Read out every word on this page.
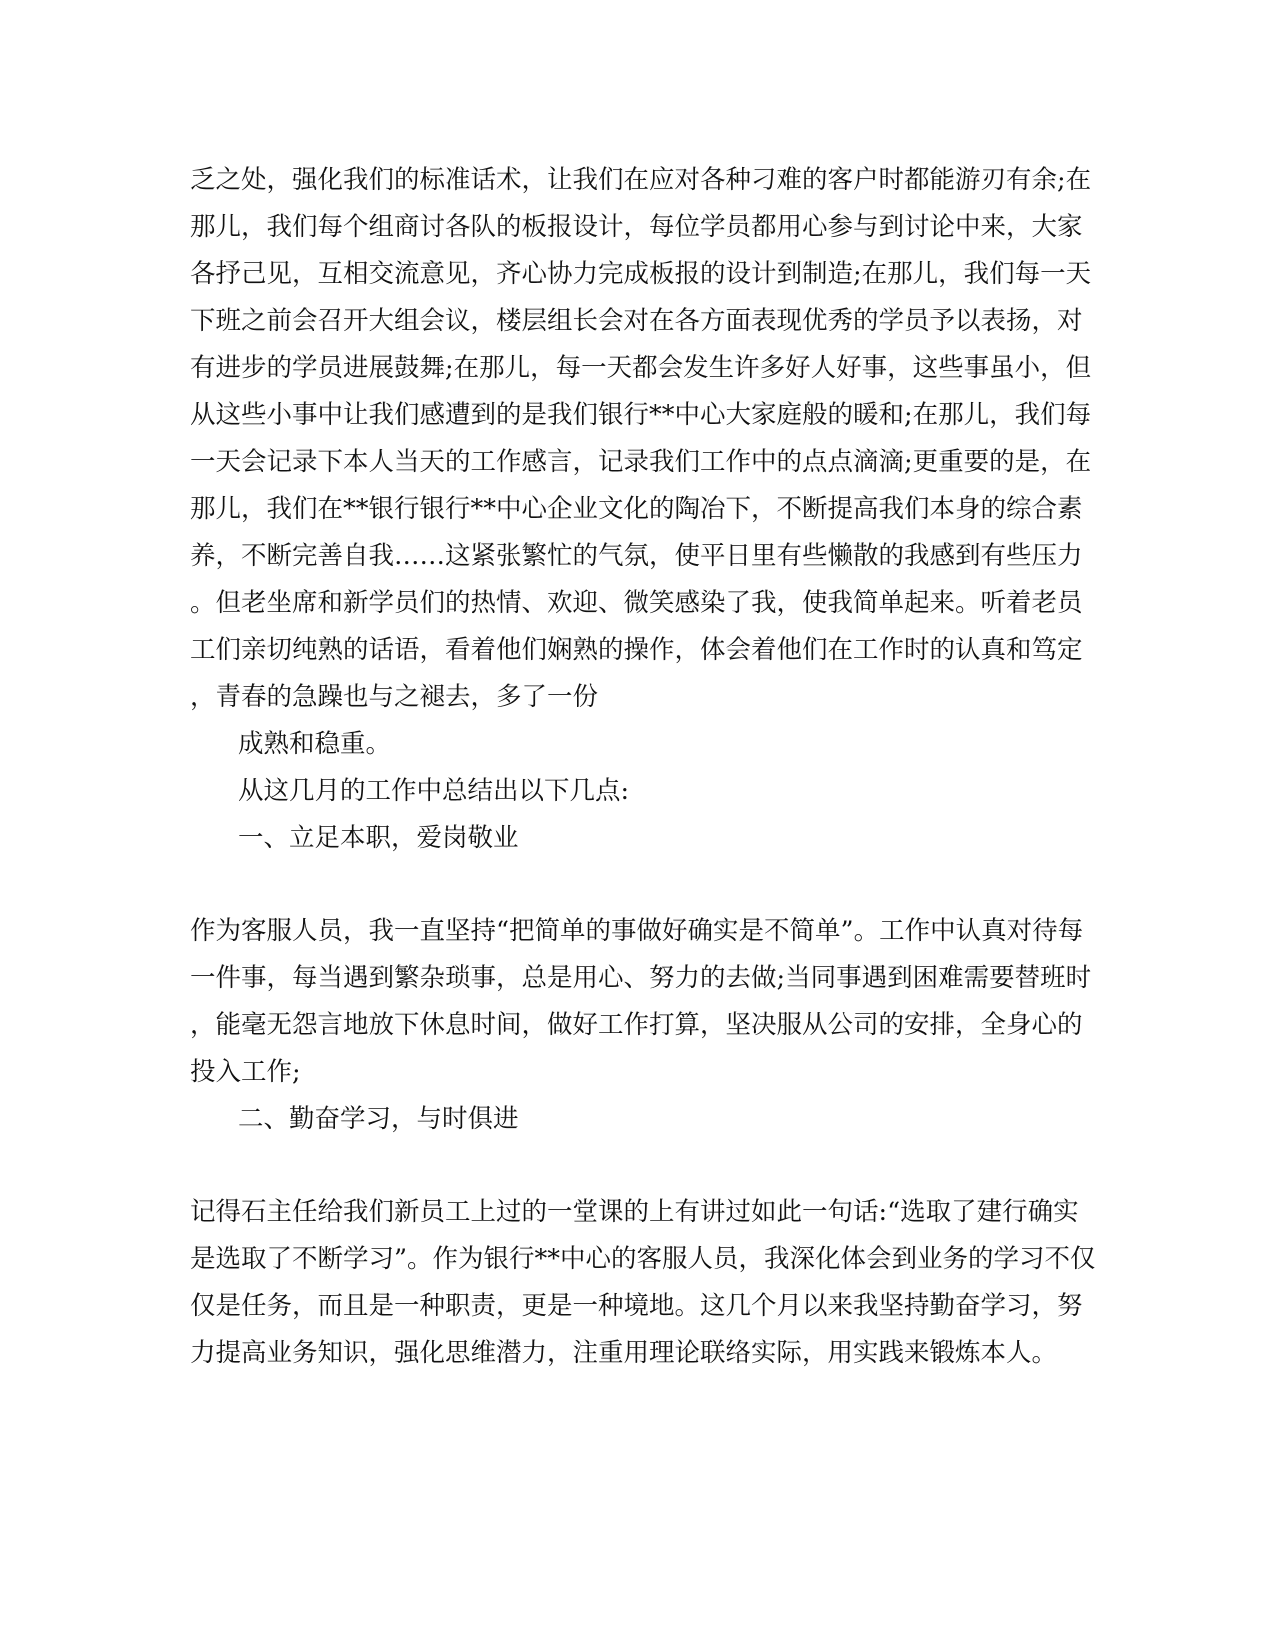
乏之处，强化我们的标准话术，让我们在应对各种刁难的客户时都能游刃有余;在
那儿，我们每个组商讨各队的板报设计，每位学员都用心参与到讨论中来，大家
各抒己见，互相交流意见，齐心协力完成板报的设计到制造;在那儿，我们每一天
下班之前会召开大组会议，楼层组长会对在各方面表现优秀的学员予以表扬，对
有进步的学员进展鼓舞;在那儿，每一天都会发生许多好人好事，这些事虽小，但
从这些小事中让我们感遭到的是我们银行**中心大家庭般的暖和;在那儿，我们每
一天会记录下本人当天的工作感言，记录我们工作中的点点滴滴;更重要的是，在
那儿，我们在**银行银行**中心企业文化的陶冶下，不断提高我们本身的综合素
养，不断完善自我……这紧张繁忙的气氛，使平日里有些懒散的我感到有些压力
。但老坐席和新学员们的热情、欢迎、微笑感染了我，使我简单起来。听着老员
工们亲切纯熟的话语，看着他们娴熟的操作，体会着他们在工作时的认真和笃定
，青春的急躁也与之褪去，多了一份
成熟和稳重。
从这几月的工作中总结出以下几点:
一、立足本职，爱岗敬业
作为客服人员，我一直坚持“把简单的事做好确实是不简单”。工作中认真对待每
一件事，每当遇到繁杂琐事，总是用心、努力的去做;当同事遇到困难需要替班时
，能毫无怨言地放下休息时间，做好工作打算，坚决服从公司的安排，全身心的
投入工作;
二、勤奋学习，与时俱进
记得石主任给我们新员工上过的一堂课的上有讲过如此一句话:“选取了建行确实
是选取了不断学习”。作为银行**中心的客服人员，我深化体会到业务的学习不仅
仅是任务，而且是一种职责，更是一种境地。这几个月以来我坚持勤奋学习，努
力提高业务知识，强化思维潜力，注重用理论联络实际，用实践来锻炼本人。
